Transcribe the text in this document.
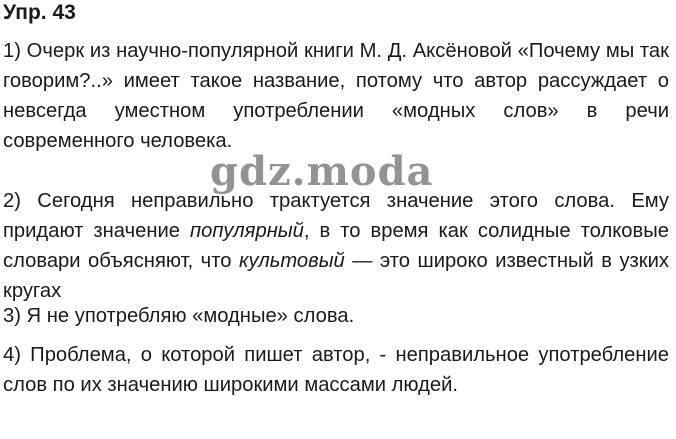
Упр. 43
1) Очерк из научно-популярной книги М. Д. Аксёновой «Почему мы так говорим?..» имеет такое название, потому что автор рассуждает о невсегда уместном употреблении «модных слов» в речи современного человека.
2) Сегодня неправильно трактуется значение этого слова. Ему придают значение популярный, в то время как солидные толковые словари объясняют, что культовый — это широко известный в узких кругах
3) Я не употребляю «модные» слова.
4) Проблема, о которой пишет автор, - неправильное употребление слов по их значению широкими массами людей.
gdz.moda
